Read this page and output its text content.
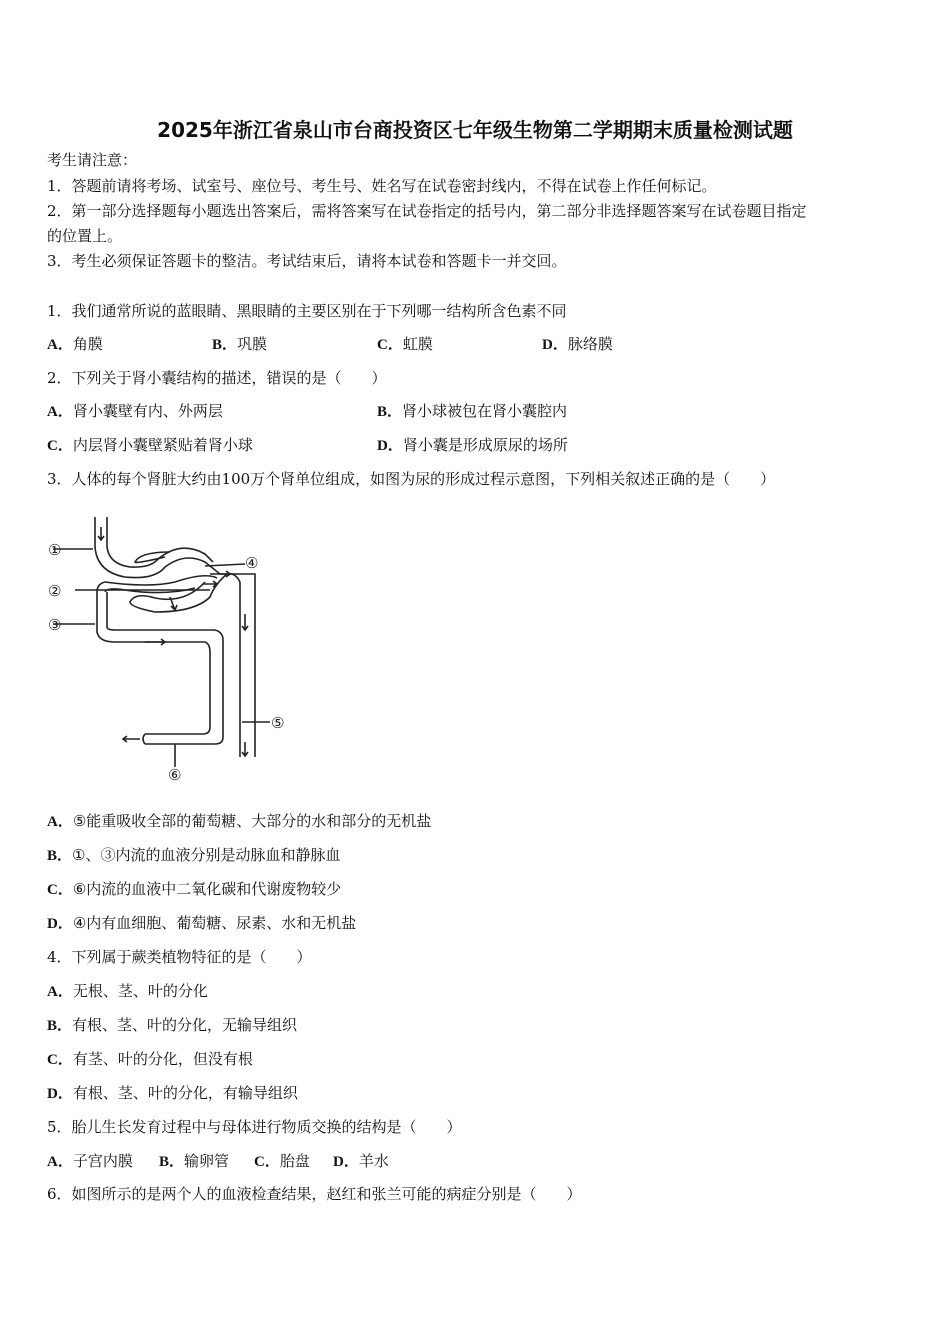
2025年浙江省泉山市台商投资区七年级生物第二学期期末质量检测试题
考生请注意：
1．答题前请将考场、试室号、座位号、考生号、姓名写在试卷密封线内，不得在试卷上作任何标记。
2．第一部分选择题每小题选出答案后，需将答案写在试卷指定的括号内，第二部分非选择题答案写在试卷题目指定
的位置上。
3．考生必须保证答题卡的整洁。考试结束后，请将本试卷和答题卡一并交回。
1．我们通常所说的蓝眼睛、黑眼睛的主要区别在于下列哪一结构所含色素不同
A．角膜	B．巩膜	C．虹膜	D．脉络膜
2．下列关于肾小囊结构的描述，错误的是（　　）
A．肾小囊壁有内、外两层	B．肾小球被包在肾小囊腔内
C．内层肾小囊壁紧贴着肾小球	D．肾小囊是形成原尿的场所
3．人体的每个肾脏大约由100万个肾单位组成，如图为尿的形成过程示意图，下列相关叙述正确的是（　　）
①
②
③
④
⑤
⑥
A．⑤能重吸收全部的葡萄糖、大部分的水和部分的无机盐
B．①、③内流的血液分别是动脉血和静脉血
C．⑥内流的血液中二氧化碳和代谢废物较少
D．④内有血细胞、葡萄糖、尿素、水和无机盐
4．下列属于蕨类植物特征的是（　　）
A．无根、茎、叶的分化
B．有根、茎、叶的分化，无输导组织
C．有茎、叶的分化，但没有根
D．有根、茎、叶的分化，有输导组织
5．胎儿生长发育过程中与母体进行物质交换的结构是（　　）
A．子宫内膜 B．输卵管 C．胎盘 D．羊水
6．如图所示的是两个人的血液检查结果，赵红和张兰可能的病症分别是（　　）
